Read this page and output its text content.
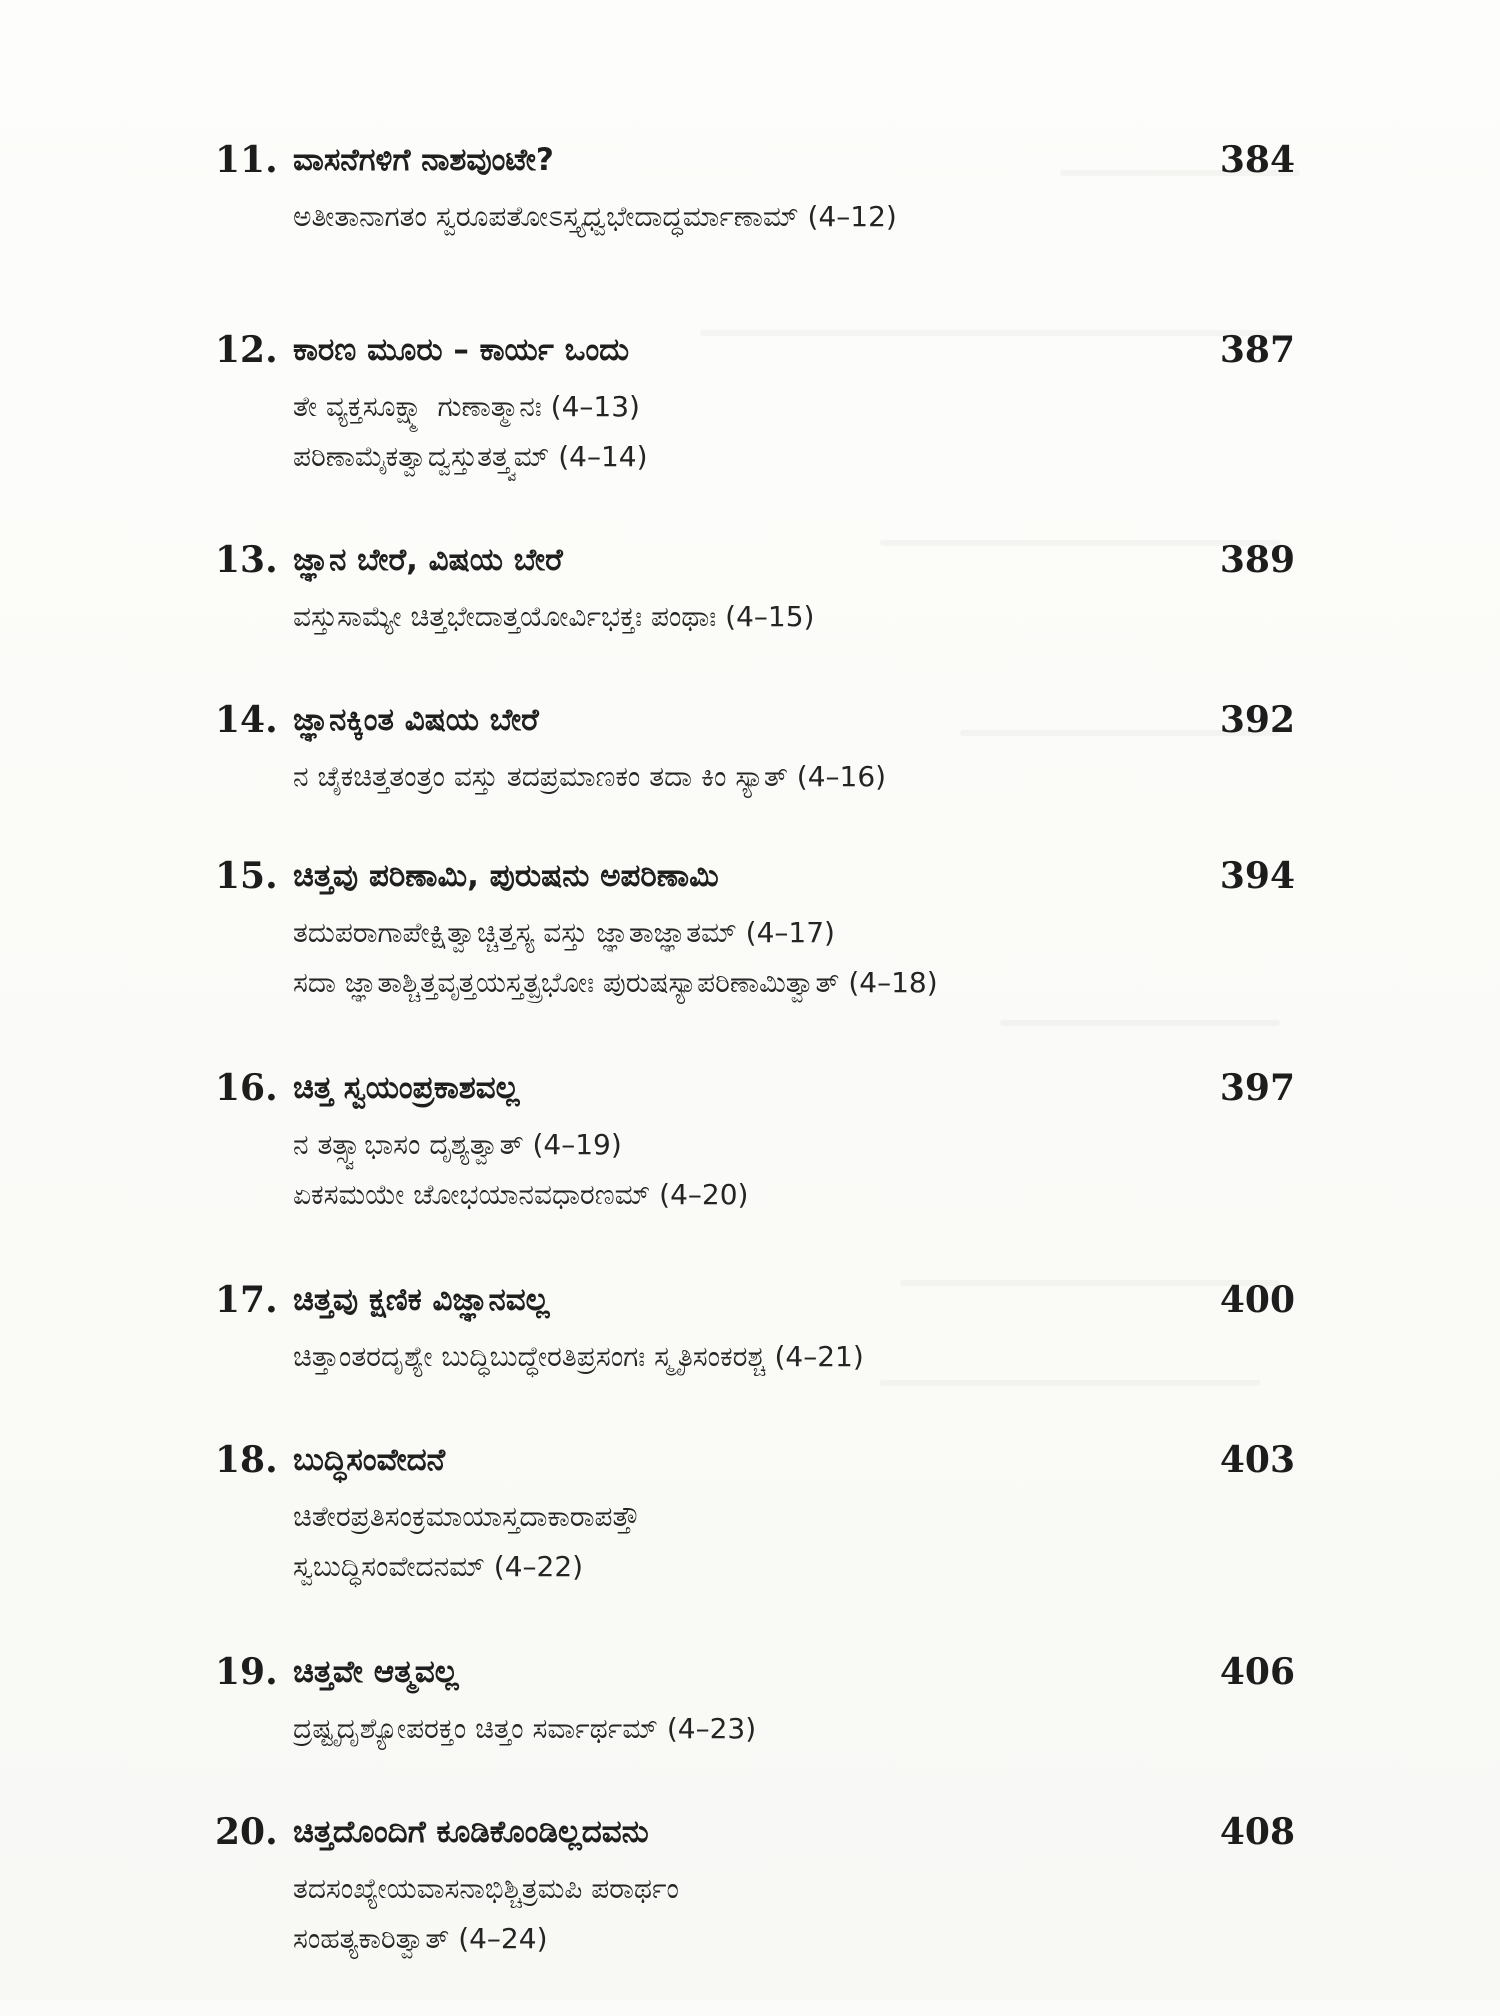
11. ವಾಸನೆಗಳಿಗೆ ನಾಶವುಂಟೇ?	384
ಅತೀತಾನಾಗತಂ ಸ್ವರೂಪತೋಽಸ್ತ್ಯಧ್ವಭೇದಾದ್ಧರ್ಮಾಣಾಮ್ (4–12)
12. ಕಾರಣ ಮೂರು – ಕಾರ್ಯ ಒಂದು	387
ತೇ ವ್ಯಕ್ತಸೂಕ್ಷ್ಮಾ ಗುಣಾತ್ಮಾನಃ (4–13)
ಪರಿಣಾಮೈಕತ್ವಾದ್ವಸ್ತುತತ್ತ್ವಮ್ (4–14)
13. ಜ್ಞಾನ ಬೇರೆ, ವಿಷಯ ಬೇರೆ	389
ವಸ್ತುಸಾಮ್ಯೇ ಚಿತ್ತಭೇದಾತ್ತಯೋರ್ವಿಭಕ್ತಃ ಪಂಥಾಃ (4–15)
14. ಜ್ಞಾನಕ್ಕಿಂತ ವಿಷಯ ಬೇರೆ	392
ನ ಚೈಕಚಿತ್ತತಂತ್ರಂ ವಸ್ತು ತದಪ್ರಮಾಣಕಂ ತದಾ ಕಿಂ ಸ್ಯಾತ್ (4–16)
15. ಚಿತ್ತವು ಪರಿಣಾಮಿ, ಪುರುಷನು ಅಪರಿಣಾಮಿ	394
ತದುಪರಾಗಾಪೇಕ್ಷಿತ್ವಾಚ್ಚಿತ್ತಸ್ಯ ವಸ್ತು ಜ್ಞಾತಾಜ್ಞಾತಮ್ (4–17)
ಸದಾ ಜ್ಞಾತಾಶ್ಚಿತ್ತವೃತ್ತಯಸ್ತತ್ಪ್ರಭೋಃ ಪುರುಷಸ್ಯಾಪರಿಣಾಮಿತ್ವಾತ್ (4–18)
16. ಚಿತ್ತ ಸ್ವಯಂಪ್ರಕಾಶವಲ್ಲ	397
ನ ತತ್ಸ್ವಾಭಾಸಂ ದೃಶ್ಯತ್ವಾತ್ (4–19)
ಏಕಸಮಯೇ ಚೋಭಯಾನವಧಾರಣಮ್ (4–20)
17. ಚಿತ್ತವು ಕ್ಷಣಿಕ ವಿಜ್ಞಾನವಲ್ಲ	400
ಚಿತ್ತಾಂತರದೃಶ್ಯೇ ಬುದ್ಧಿಬುದ್ಧೇರತಿಪ್ರಸಂಗಃ ಸ್ಮೃತಿಸಂಕರಶ್ಚ (4–21)
18. ಬುದ್ಧಿಸಂವೇದನೆ	403
ಚಿತೇರಪ್ರತಿಸಂಕ್ರಮಾಯಾಸ್ತದಾಕಾರಾಪತ್ತೌ
ಸ್ವಬುದ್ಧಿಸಂವೇದನಮ್ (4–22)
19. ಚಿತ್ತವೇ ಆತ್ಮವಲ್ಲ	406
ದ್ರಷ್ಟೃದೃಶ್ಯೋಪರಕ್ತಂ ಚಿತ್ತಂ ಸರ್ವಾರ್ಥಮ್ (4–23)
20. ಚಿತ್ತದೊಂದಿಗೆ ಕೂಡಿಕೊಂಡಿಲ್ಲದವನು	408
ತದಸಂಖ್ಯೇಯವಾಸನಾಭಿಶ್ಚಿತ್ರಮಪಿ ಪರಾರ್ಥಂ
ಸಂಹತ್ಯಕಾರಿತ್ವಾತ್ (4–24)
